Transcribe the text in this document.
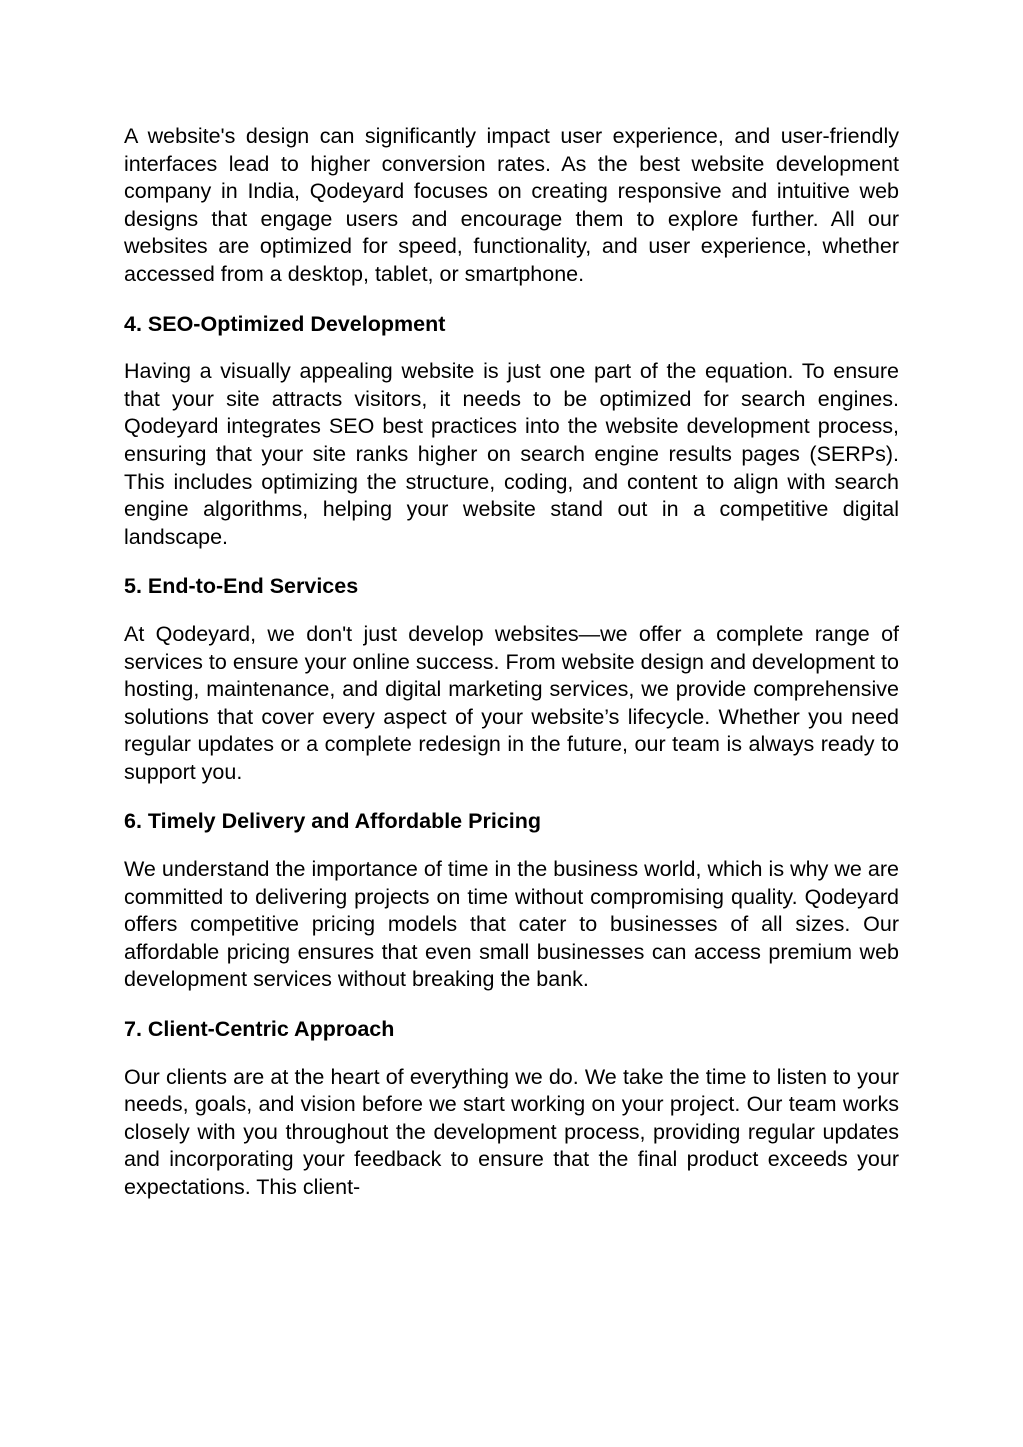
A website's design can significantly impact user experience, and user-friendly interfaces lead to higher conversion rates. As the best website development company in India, Qodeyard focuses on creating responsive and intuitive web designs that engage users and encourage them to explore further. All our websites are optimized for speed, functionality, and user experience, whether accessed from a desktop, tablet, or smartphone.

4. SEO-Optimized Development

Having a visually appealing website is just one part of the equation. To ensure that your site attracts visitors, it needs to be optimized for search engines. Qodeyard integrates SEO best practices into the website development process, ensuring that your site ranks higher on search engine results pages (SERPs). This includes optimizing the structure, coding, and content to align with search engine algorithms, helping your website stand out in a competitive digital landscape.

5. End-to-End Services

At Qodeyard, we don't just develop websites—we offer a complete range of services to ensure your online success. From website design and development to hosting, maintenance, and digital marketing services, we provide comprehensive solutions that cover every aspect of your website’s lifecycle. Whether you need regular updates or a complete redesign in the future, our team is always ready to support you.

6. Timely Delivery and Affordable Pricing

We understand the importance of time in the business world, which is why we are committed to delivering projects on time without compromising quality. Qodeyard offers competitive pricing models that cater to businesses of all sizes. Our affordable pricing ensures that even small businesses can access premium web development services without breaking the bank.

7. Client-Centric Approach

Our clients are at the heart of everything we do. We take the time to listen to your needs, goals, and vision before we start working on your project. Our team works closely with you throughout the development process, providing regular updates and incorporating your feedback to ensure that the final product exceeds your expectations. This client-
